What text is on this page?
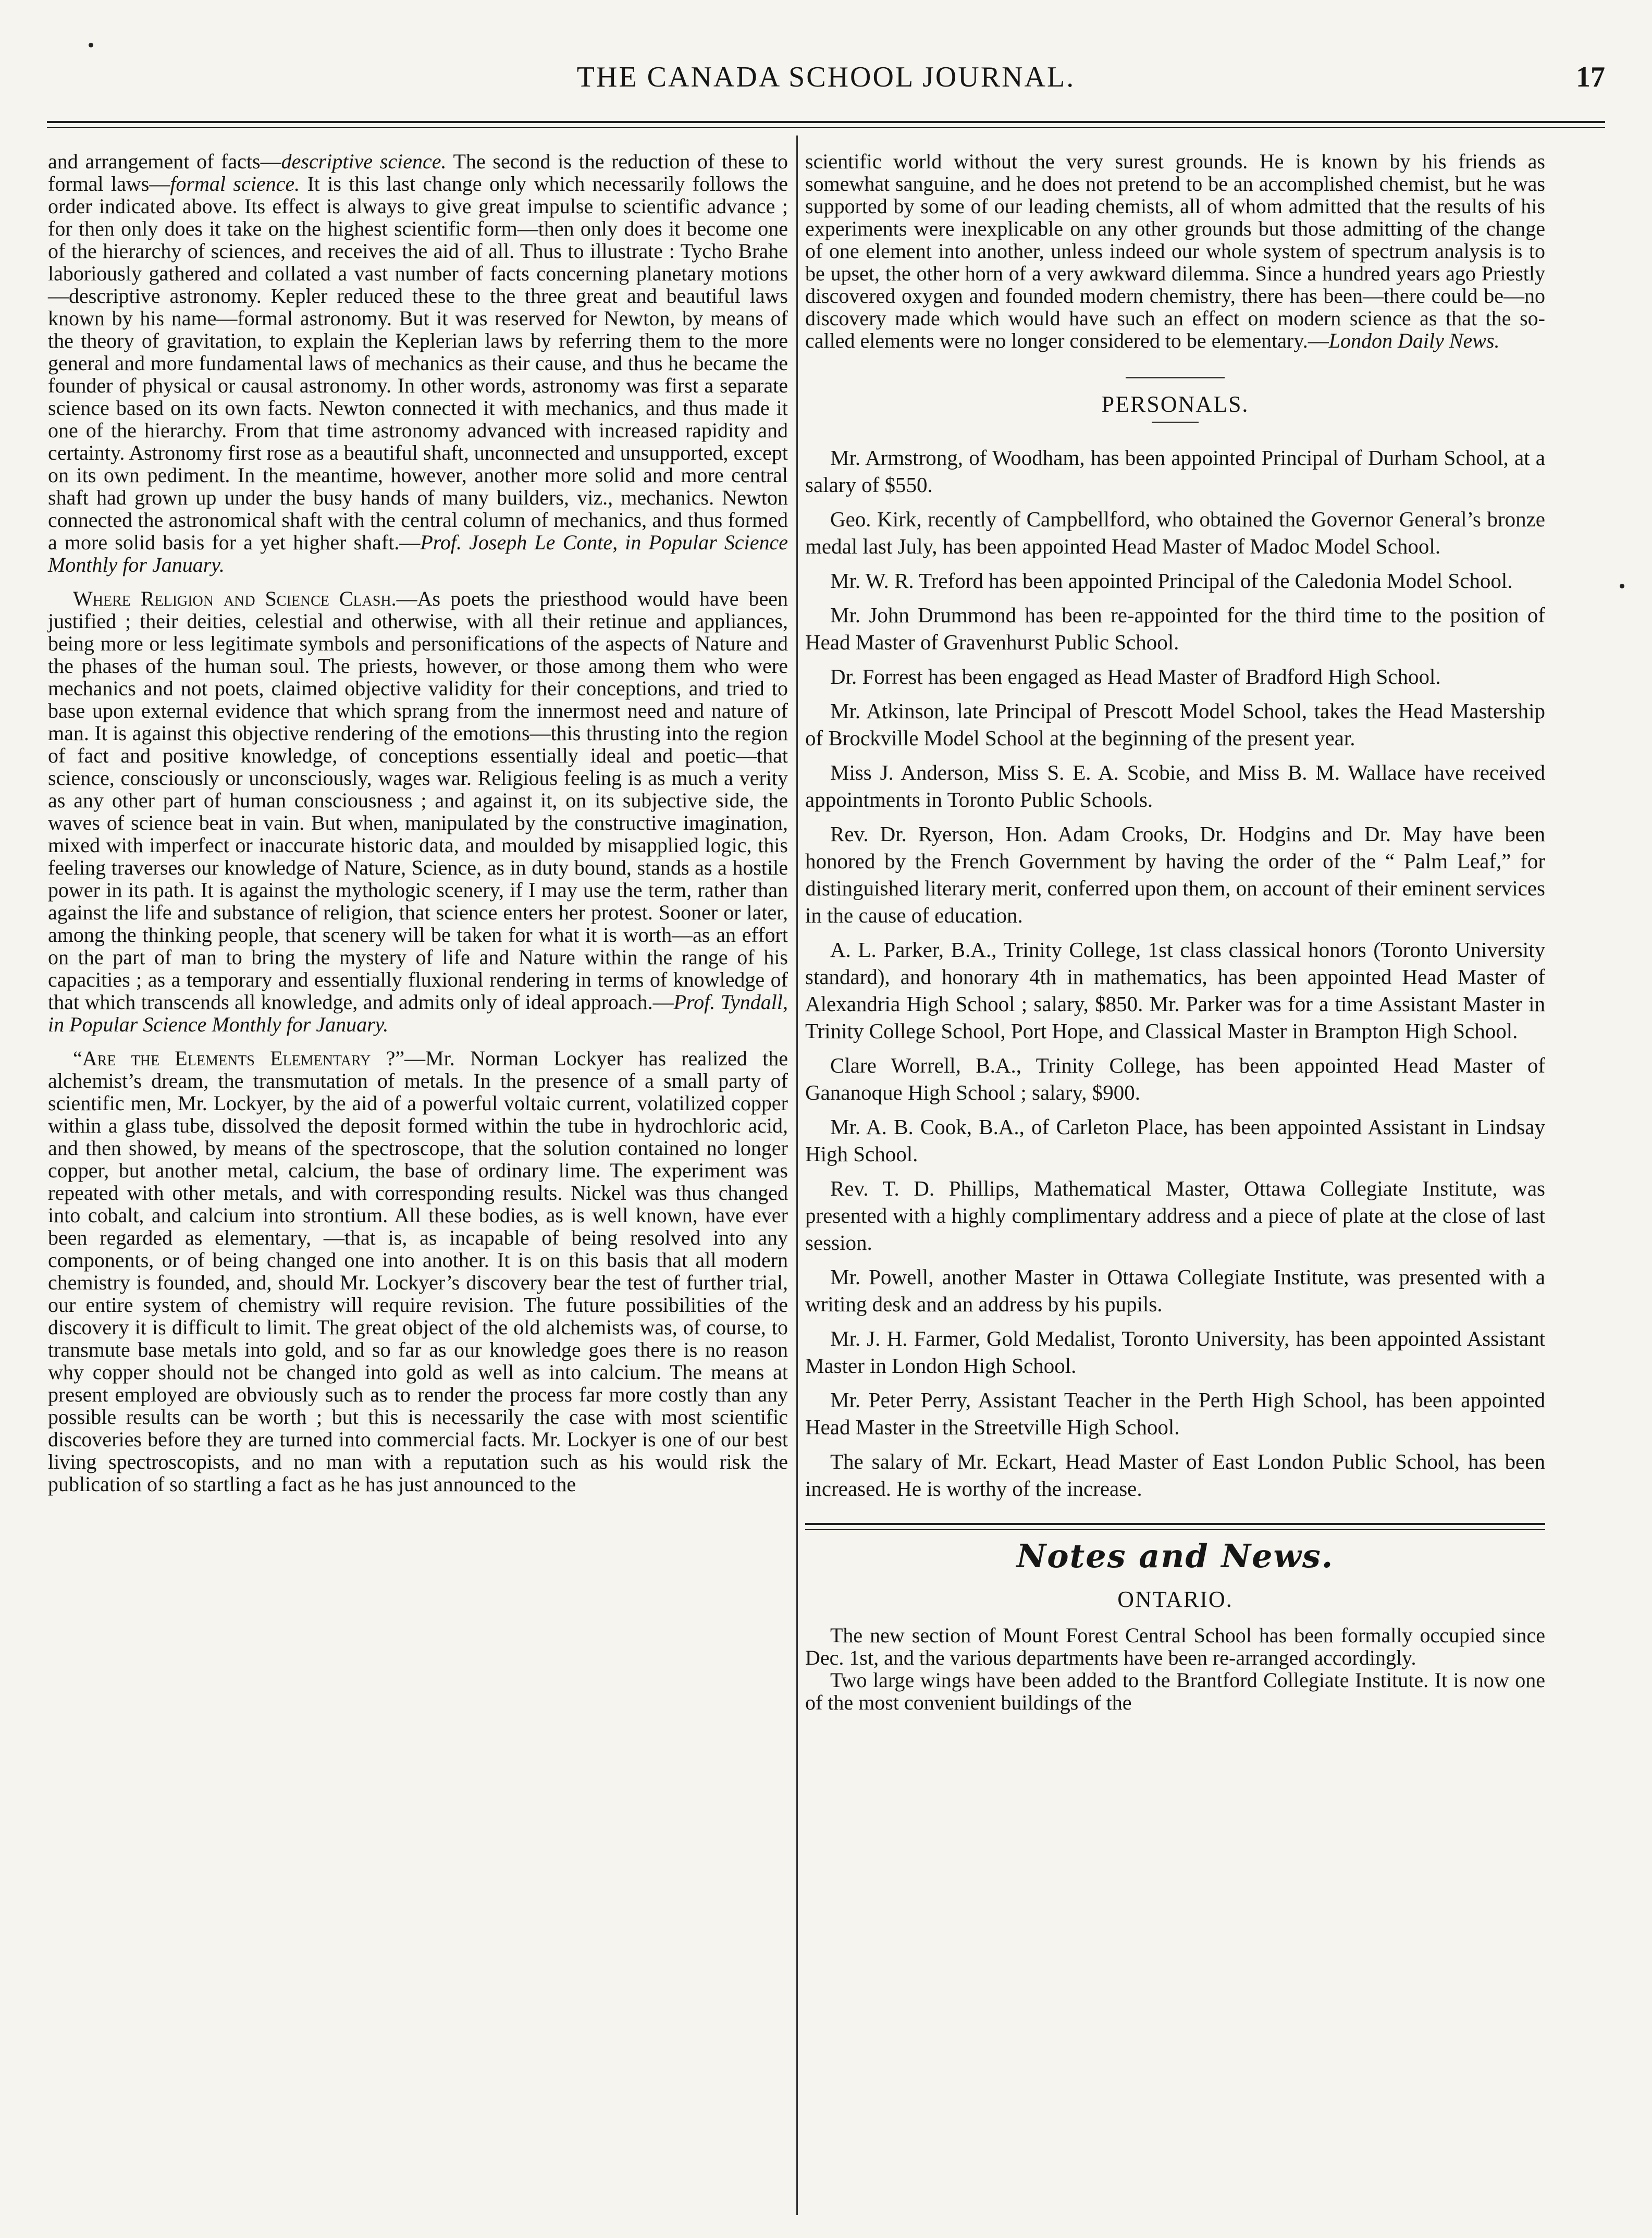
THE CANADA SCHOOL JOURNAL.	17

and arrangement of facts—descriptive science. The second is the reduction of these to formal laws—formal science. It is this last change only which necessarily follows the order indicated above. Its effect is always to give great impulse to scientific advance ; for then only does it take on the highest scientific form—then only does it become one of the hierarchy of sciences, and receives the aid of all. Thus to illustrate : Tycho Brahe laboriously gathered and collated a vast number of facts concerning planetary motions —descriptive astronomy. Kepler reduced these to the three great and beautiful laws known by his name—formal astronomy. But it was reserved for Newton, by means of the theory of gravitation, to explain the Keplerian laws by referring them to the more general and more fundamental laws of mechanics as their cause, and thus he became the founder of physical or causal astronomy. In other words, astronomy was first a separate science based on its own facts. Newton connected it with mechanics, and thus made it one of the hierarchy. From that time astronomy advanced with increased rapidity and certainty. Astronomy first rose as a beautiful shaft, unconnected and unsupported, except on its own pediment. In the meantime, however, another more solid and more central shaft had grown up under the busy hands of many builders, viz., mechanics. Newton connected the astronomical shaft with the central column of mechanics, and thus formed a more solid basis for a yet higher shaft.—Prof. Joseph Le Conte, in Popular Science Monthly for January.

Where Religion and Science Clash.—As poets the priesthood would have been justified ; their deities, celestial and otherwise, with all their retinue and appliances, being more or less legitimate symbols and personifications of the aspects of Nature and the phases of the human soul. The priests, however, or those among them who were mechanics and not poets, claimed objective validity for their conceptions, and tried to base upon external evidence that which sprang from the innermost need and nature of man. It is against this objective rendering of the emotions—this thrusting into the region of fact and positive knowledge, of conceptions essentially ideal and poetic—that science, consciously or unconsciously, wages war. Religious feeling is as much a verity as any other part of human consciousness ; and against it, on its subjective side, the waves of science beat in vain. But when, manipulated by the constructive imagination, mixed with imperfect or inaccurate historic data, and moulded by misapplied logic, this feeling traverses our knowledge of Nature, Science, as in duty bound, stands as a hostile power in its path. It is against the mythologic scenery, if I may use the term, rather than against the life and substance of religion, that science enters her protest. Sooner or later, among the thinking people, that scenery will be taken for what it is worth—as an effort on the part of man to bring the mystery of life and Nature within the range of his capacities ; as a temporary and essentially fluxional rendering in terms of knowledge of that which transcends all knowledge, and admits only of ideal approach.—Prof. Tyndall, in Popular Science Monthly for January.

“Are the Elements Elementary ?”—Mr. Norman Lockyer has realized the alchemist’s dream, the transmutation of metals. In the presence of a small party of scientific men, Mr. Lockyer, by the aid of a powerful voltaic current, volatilized copper within a glass tube, dissolved the deposit formed within the tube in hydrochloric acid, and then showed, by means of the spectroscope, that the solution contained no longer copper, but another metal, calcium, the base of ordinary lime. The experiment was repeated with other metals, and with corresponding results. Nickel was thus changed into cobalt, and calcium into strontium. All these bodies, as is well known, have ever been regarded as elementary, —that is, as incapable of being resolved into any components, or of being changed one into another. It is on this basis that all modern chemistry is founded, and, should Mr. Lockyer’s discovery bear the test of further trial, our entire system of chemistry will require revision. The future possibilities of the discovery it is difficult to limit. The great object of the old alchemists was, of course, to transmute base metals into gold, and so far as our knowledge goes there is no reason why copper should not be changed into gold as well as into calcium. The means at present employed are obviously such as to render the process far more costly than any possible results can be worth ; but this is necessarily the case with most scientific discoveries before they are turned into commercial facts. Mr. Lockyer is one of our best living spectroscopists, and no man with a reputation such as his would risk the publication of so startling a fact as he has just announced to the

scientific world without the very surest grounds. He is known by his friends as somewhat sanguine, and he does not pretend to be an accomplished chemist, but he was supported by some of our leading chemists, all of whom admitted that the results of his experiments were inexplicable on any other grounds but those admitting of the change of one element into another, unless indeed our whole system of spectrum analysis is to be upset, the other horn of a very awkward dilemma. Since a hundred years ago Priestly discovered oxygen and founded modern chemistry, there has been—there could be—no discovery made which would have such an effect on modern science as that the so-called elements were no longer considered to be elementary.—London Daily News.

PERSONALS.

Mr. Armstrong, of Woodham, has been appointed Principal of Durham School, at a salary of $550.

Geo. Kirk, recently of Campbellford, who obtained the Governor General’s bronze medal last July, has been appointed Head Master of Madoc Model School.

Mr. W. R. Treford has been appointed Principal of the Caledonia Model School.

Mr. John Drummond has been re-appointed for the third time to the position of Head Master of Gravenhurst Public School.

Dr. Forrest has been engaged as Head Master of Bradford High School.

Mr. Atkinson, late Principal of Prescott Model School, takes the Head Mastership of Brockville Model School at the beginning of the present year.

Miss J. Anderson, Miss S. E. A. Scobie, and Miss B. M. Wallace have received appointments in Toronto Public Schools.

Rev. Dr. Ryerson, Hon. Adam Crooks, Dr. Hodgins and Dr. May have been honored by the French Government by having the order of the “ Palm Leaf,” for distinguished literary merit, conferred upon them, on account of their eminent services in the cause of education.

A. L. Parker, B.A., Trinity College, 1st class classical honors (Toronto University standard), and honorary 4th in mathematics, has been appointed Head Master of Alexandria High School ; salary, $850. Mr. Parker was for a time Assistant Master in Trinity College School, Port Hope, and Classical Master in Brampton High School.

Clare Worrell, B.A., Trinity College, has been appointed Head Master of Gananoque High School ; salary, $900.

Mr. A. B. Cook, B.A., of Carleton Place, has been appointed Assistant in Lindsay High School.

Rev. T. D. Phillips, Mathematical Master, Ottawa Collegiate Institute, was presented with a highly complimentary address and a piece of plate at the close of last session.

Mr. Powell, another Master in Ottawa Collegiate Institute, was presented with a writing desk and an address by his pupils.

Mr. J. H. Farmer, Gold Medalist, Toronto University, has been appointed Assistant Master in London High School.

Mr. Peter Perry, Assistant Teacher in the Perth High School, has been appointed Head Master in the Streetville High School.

The salary of Mr. Eckart, Head Master of East London Public School, has been increased. He is worthy of the increase.

Notes and News.
ONTARIO.

The new section of Mount Forest Central School has been formally occupied since Dec. 1st, and the various departments have been re-arranged accordingly.

Two large wings have been added to the Brantford Collegiate Institute. It is now one of the most convenient buildings of the
